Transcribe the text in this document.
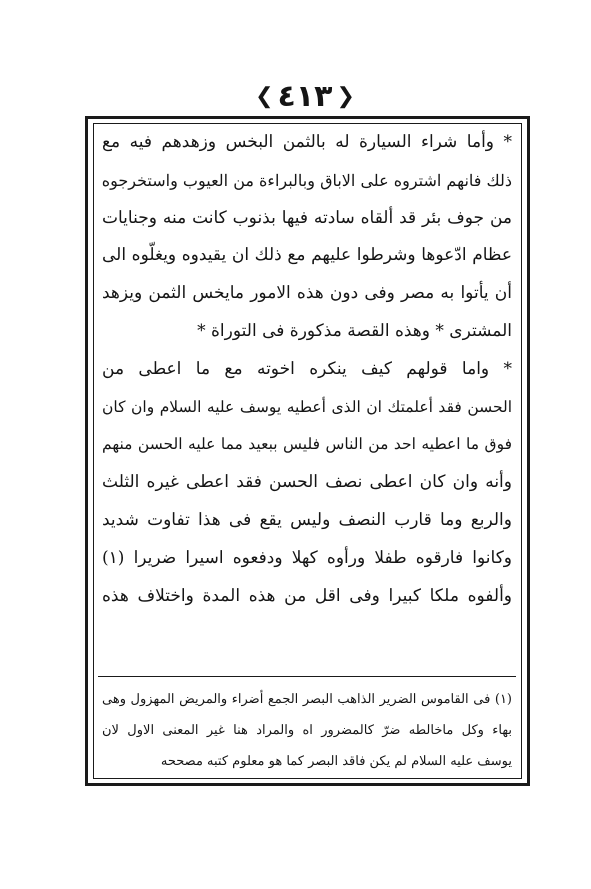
❮ ٤١٣ ❯
* وأما شراء السيارة له بالثمن البخس وزهدهم فيه مع
ذلك فانهم اشتروه على الاباق وبالبراءة من العيوب واستخرجوه
من جوف بئر قد ألقاه سادته فيها بذنوب كانت منه وجنايات
عظام ادّعوها وشرطوا عليهم مع ذلك ان يقيدوه ويغلّوه الى
أن يأتوا به مصر وفى دون هذه الامور مايخس الثمن ويزهد
المشترى * وهذه القصة مذكورة فى التوراة *
* واما قولهم كيف ينكره اخوته مع ما اعطى من
الحسن فقد أعلمتك ان الذى أعطيه يوسف عليه السلام وان كان
فوق ما اعطيه احد من الناس فليس ببعيد مما عليه الحسن منهم
وأنه وان كان اعطى نصف الحسن فقد اعطى غيره الثلث
والربع وما قارب النصف وليس يقع فى هذا تفاوت شديد
وكانوا فارقوه طفلا ورأوه كهلا ودفعوه اسيرا ضريرا (١)
وألفوه ملكا كبيرا وفى اقل من هذه المدة واختلاف هذه
(١) فى القاموس الضرير الذاهب البصر الجمع أضراء والمريض المهزول وهى
بهاء وكل ماخالطه ضرّ كالمضرور اه والمراد هنا غير المعنى الاول لان
يوسف عليه السلام لم يكن فاقد البصر كما هو معلوم كتبه مصححه
